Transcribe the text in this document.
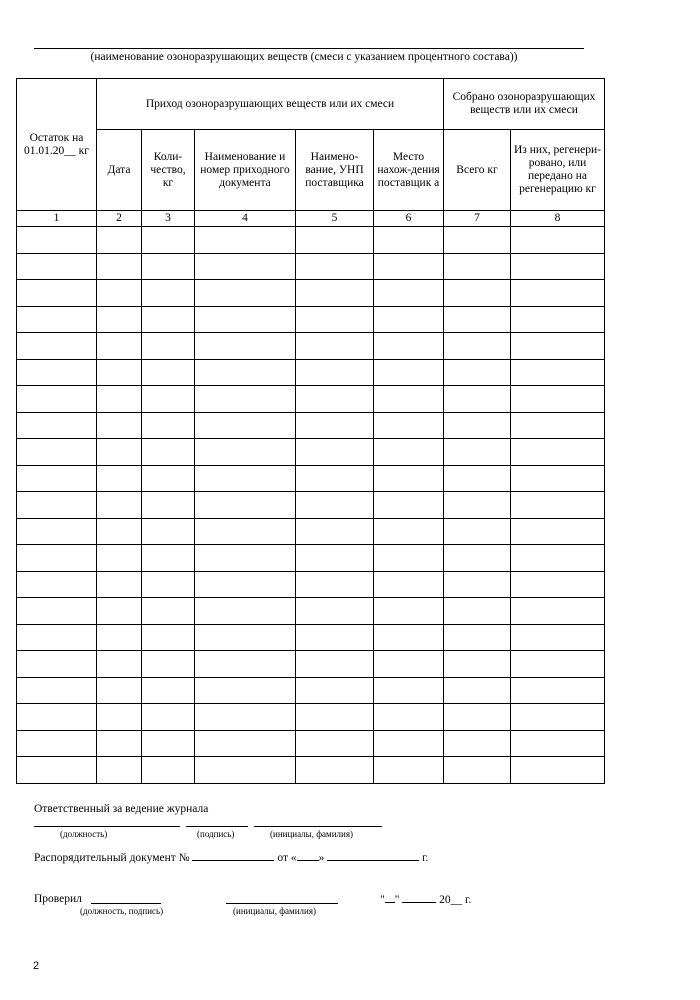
(наименование озоноразрушающих веществ (смеси с указанием процентного состава))
Остаток на 01.01.20__ кг	Приход озоноразрушающих веществ или их смеси					Собрано озоноразрушающих веществ или их смеси	
	Дата	Коли-чество, кг	Наименование и номер приходного документа	Наимено-вание, УНП поставщика	Место нахож-дения поставщик а	Всего кг	Из них, регенери-ровано, или передано на регенерацию кг
1	2	3	4	5	6	7	8

Ответственный за ведение журнала
(должность)	(подпись)	(инициалы, фамилия)
Распорядительный документ №	от « »	г.
Проверил
(должность, подпись)	(инициалы, фамилия)
" "	20__ г.
2
